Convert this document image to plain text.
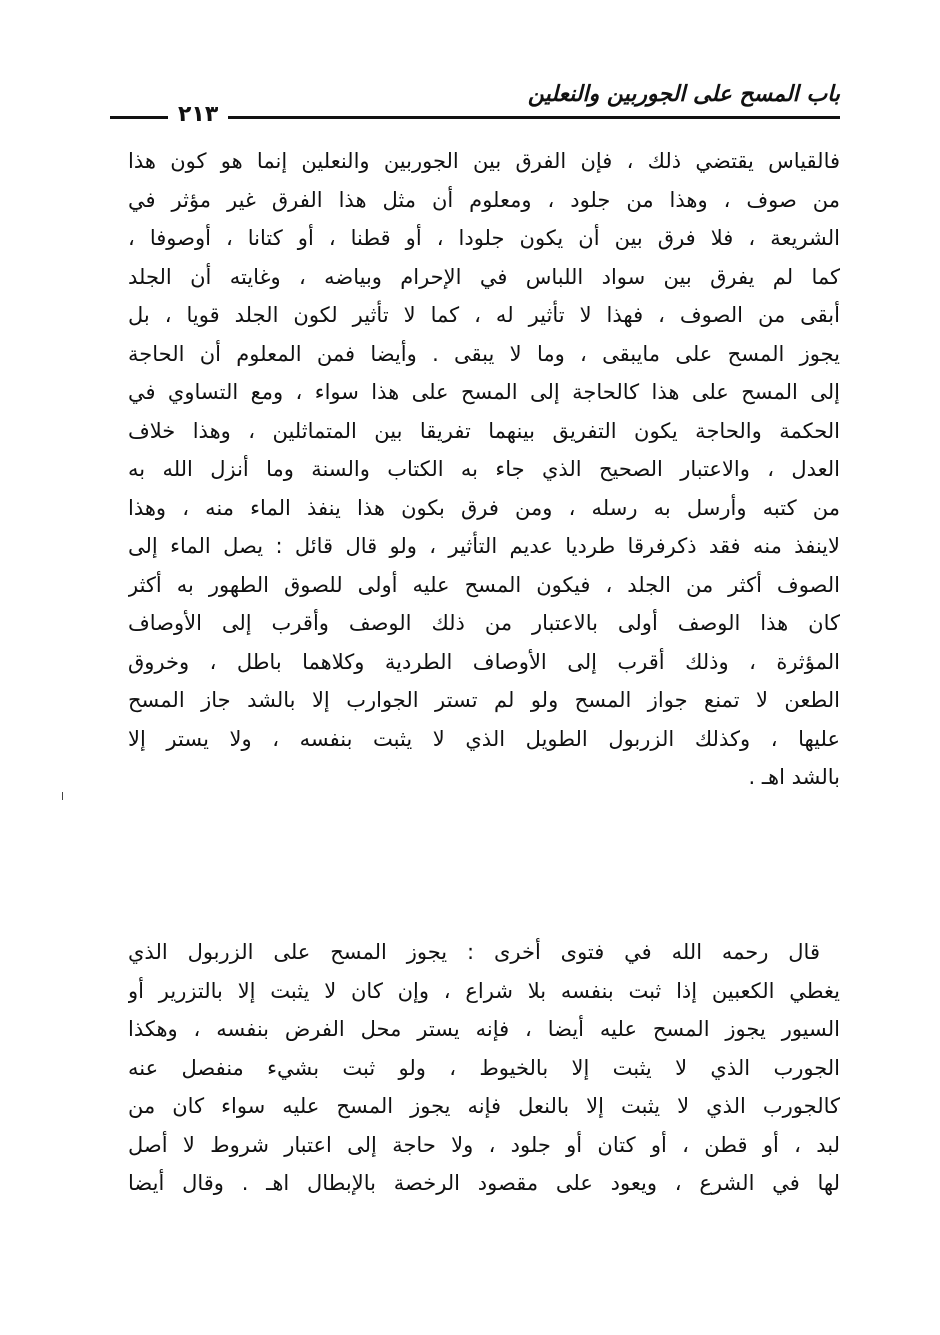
باب المسح على الجوربين والنعلين
٢١٣
فالقياس يقتضي ذلك ، فإن الفرق بين الجوربين والنعلين إنما هو كون هذا
من صوف ، وهذا من جلود ، ومعلوم أن مثل هذا الفرق غير مؤثر في
الشريعة ، فلا فرق بين أن يكون جلودا ، أو قطنا ، أو كتانا ، أوصوفا ،
كما لم يفرق بين سواد اللباس في الإحرام وبياضه ، وغايته أن الجلد
أبقى من الصوف ، فهذا لا تأثير له ، كما لا تأثير لكون الجلد قويا ، بل
يجوز المسح على مايبقى ، وما لا يبقى . وأيضا فمن المعلوم أن الحاجة
إلى المسح على هذا كالحاجة إلى المسح على هذا سواء ، ومع التساوي في
الحكمة والحاجة يكون التفريق بينهما تفريقا بين المتماثلين ، وهذا خلاف
العدل ، والاعتبار الصحيح الذي جاء به الكتاب والسنة وما أنزل الله به
من كتبه وأرسل به رسله ، ومن فرق بكون هذا ينفذ الماء منه ، وهذا
لاينفذ منه فقد ذكرفرقا طرديا عديم التأثير ، ولو قال قائل : يصل الماء إلى
الصوف أكثر من الجلد ، فيكون المسح عليه أولى للصوق الطهور به أكثر
كان هذا الوصف أولى بالاعتبار من ذلك الوصف وأقرب إلى الأوصاف
المؤثرة ، وذلك أقرب إلى الأوصاف الطردية وكلاهما باطل ، وخروق
الطعن لا تمنع جواز المسح ولو لم تستر الجوارب إلا بالشد جاز المسح
عليها ، وكذلك الزربول الطويل الذي لا يثبت بنفسه ، ولا يستر إلا
بالشد اهـ .
قال رحمه الله في فتوى أخرى : يجوز المسح على الزربول الذي
يغطي الكعبين إذا ثبت بنفسه بلا شراع ، وإن كان لا يثبت إلا بالتزرير أو
السيور يجوز المسح عليه أيضا ، فإنه يستر محل الفرض بنفسه ، وهكذا
الجورب الذي لا يثبت إلا بالخيوط ، ولو ثبت بشيء منفصل عنه
كالجورب الذي لا يثبت إلا بالنعل فإنه يجوز المسح عليه سواء كان من
لبد ، أو قطن ، أو كتان أو جلود ، ولا حاجة إلى اعتبار شروط لا أصل
لها في الشرع ، ويعود على مقصود الرخصة بالإبطال اهـ . وقال أيضا
